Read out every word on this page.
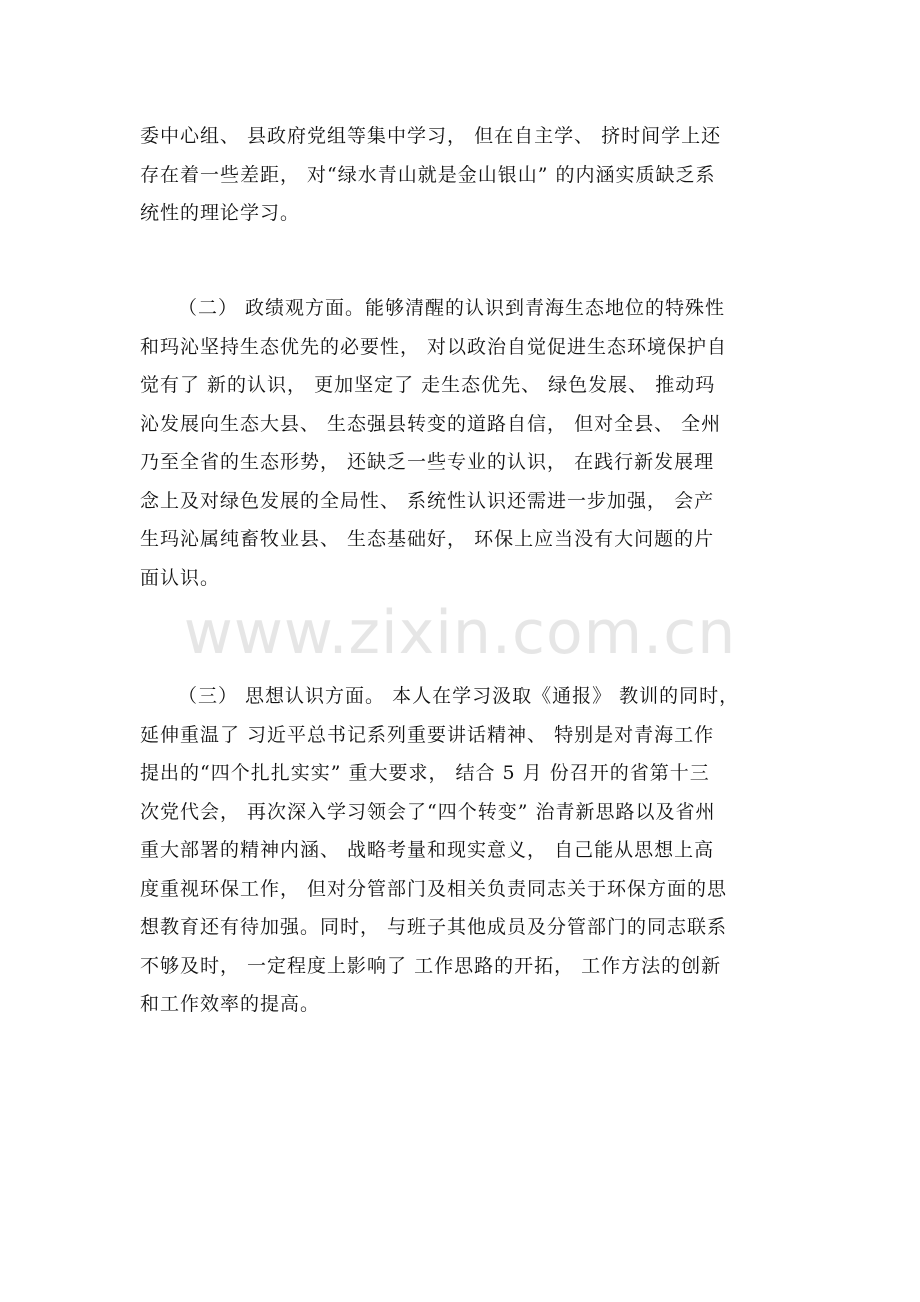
委中心组、 县政府党组等集中学习， 但在自主学、 挤时间学上还
存在着一些差距， 对“绿水青山就是金山银山” 的内涵实质缺乏系
统性的理论学习。
（二） 政绩观方面。能够清醒的认识到青海生态地位的特殊性
和玛沁坚持生态优先的必要性， 对以政治自觉促进生态环境保护自
觉有了 新的认识， 更加坚定了 走生态优先、 绿色发展、 推动玛
沁发展向生态大县、 生态强县转变的道路自信， 但对全县、 全州
乃至全省的生态形势， 还缺乏一些专业的认识， 在践行新发展理
念上及对绿色发展的全局性、 系统性认识还需进一步加强， 会产
生玛沁属纯畜牧业县、 生态基础好， 环保上应当没有大问题的片
面认识。
（三） 思想认识方面。 本人在学习汲取《通报》 教训的同时，
延伸重温了 习近平总书记系列重要讲话精神、 特别是对青海工作
提出的“四个扎扎实实” 重大要求， 结合 5 月 份召开的省第十三
次党代会， 再次深入学习领会了“四个转变” 治青新思路以及省州
重大部署的精神内涵、 战略考量和现实意义， 自己能从思想上高
度重视环保工作， 但对分管部门及相关负责同志关于环保方面的思
想教育还有待加强。同时， 与班子其他成员及分管部门的同志联系
不够及时， 一定程度上影响了 工作思路的开拓， 工作方法的创新
和工作效率的提高。
www.zixin.com.cn
